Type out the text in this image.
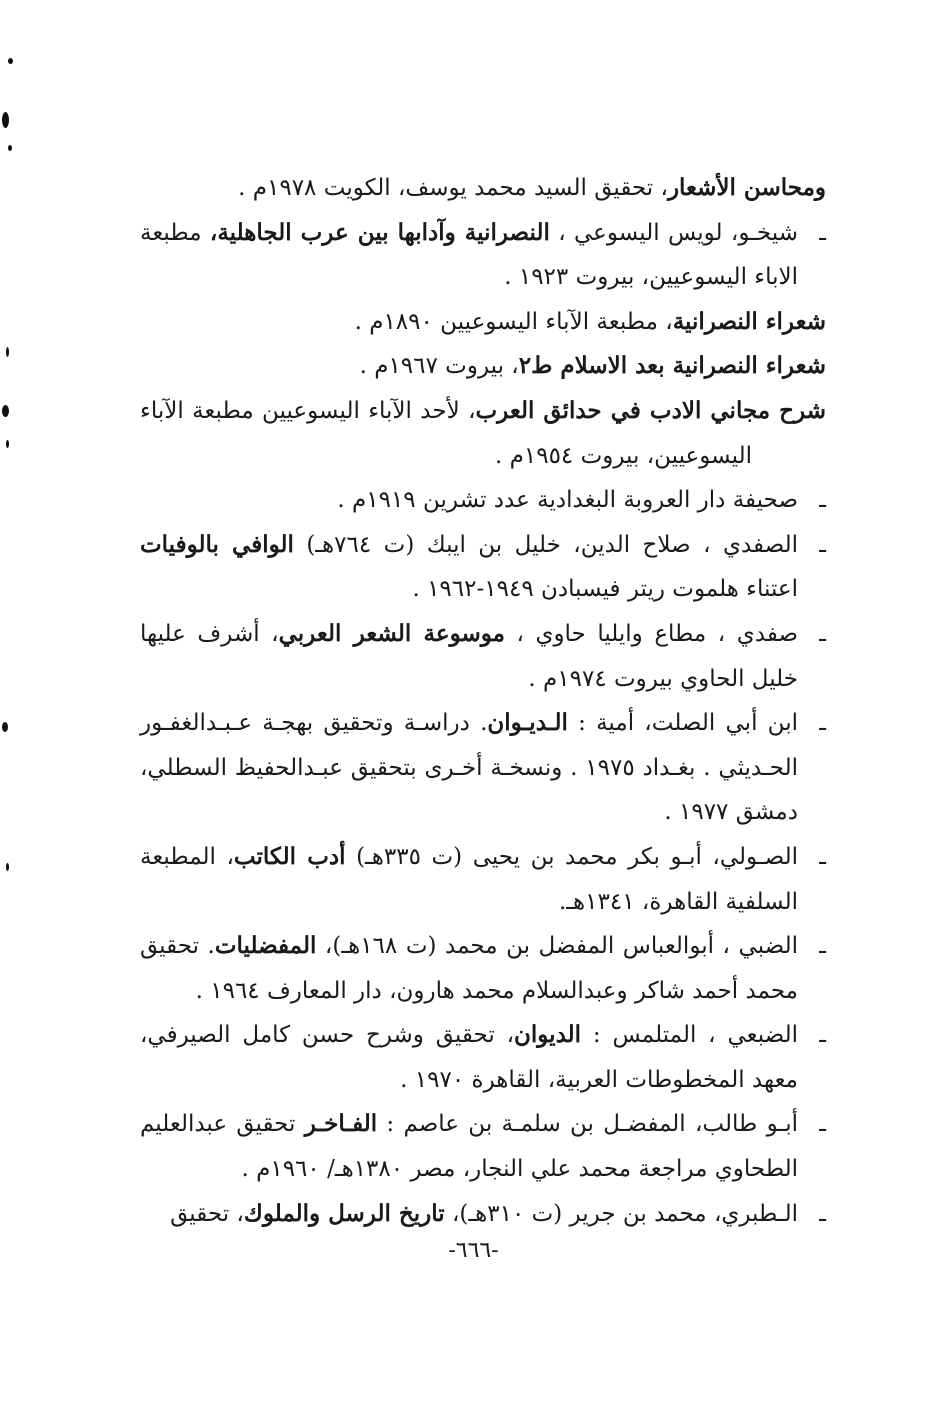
ومحاسن الأشعار، تحقيق السيد محمد يوسف، الكويت ١٩٧٨م .

ـشيخـو، لويس اليسوعي ، النصرانية وآدابها بين عرب الجاهلية، مطبعة الاباء اليسوعيين، بيروت ١٩٢٣ .

شعراء النصرانية، مطبعة الآباء اليسوعيين ١٨٩٠م .

شعراء النصرانية بعد الاسلام ط٢، بيروت ١٩٦٧م .

شرح مجاني الادب في حدائق العرب، لأحد الآباء اليسوعيين مطبعة الآباء اليسوعيين، بيروت ١٩٥٤م .

ـصحيفة دار العروبة البغدادية عدد تشرين ١٩١٩م .

ـالصفدي ، صلاح الدين، خليل بن ايبك (ت ٧٦٤هـ) الوافي بالوفيات اعتناء هلموت ريتر فيسبادن ١٩٤٩-١٩٦٢ .

ـصفدي ، مطاع وايليا حاوي ، موسوعة الشعر العربي، أشرف عليها خليل الحاوي بيروت ١٩٧٤م .

ـابن أبي الصلت، أمية : الـديـوان. دراسـة وتحقيق بهجـة عـبـدالغفـور الحـديثي . بغـداد ١٩٧٥ . ونسخـة أخـرى بتحقيق عبـدالحفيظ السطلي، دمشق ١٩٧٧ .

ـالصـولي، أبـو بكر محمد بن يحيى (ت ٣٣٥هـ) أدب الكاتب، المطبعة السلفية القاهرة، ١٣٤١هـ.

ـالضبي ، أبوالعباس المفضل بن محمد (ت ١٦٨هـ)، المفضليات. تحقيق محمد أحمد شاكر وعبدالسلام محمد هارون، دار المعارف ١٩٦٤ .

ـالضبعي ، المتلمس : الديوان، تحقيق وشرح حسن كامل الصيرفي، معهد المخطوطات العربية، القاهرة ١٩٧٠ .

ـأبـو طالب، المفضـل بن سلمـة بن عاصم : الفـاخـر تحقيق عبدالعليم الطحاوي مراجعة محمد علي النجار، مصر ١٣٨٠هـ/ ١٩٦٠م .

ـالـطبري، محمد بن جرير (ت ٣١٠هـ)، تاريخ الرسل والملوك، تحقيق

-٦٦٦-
